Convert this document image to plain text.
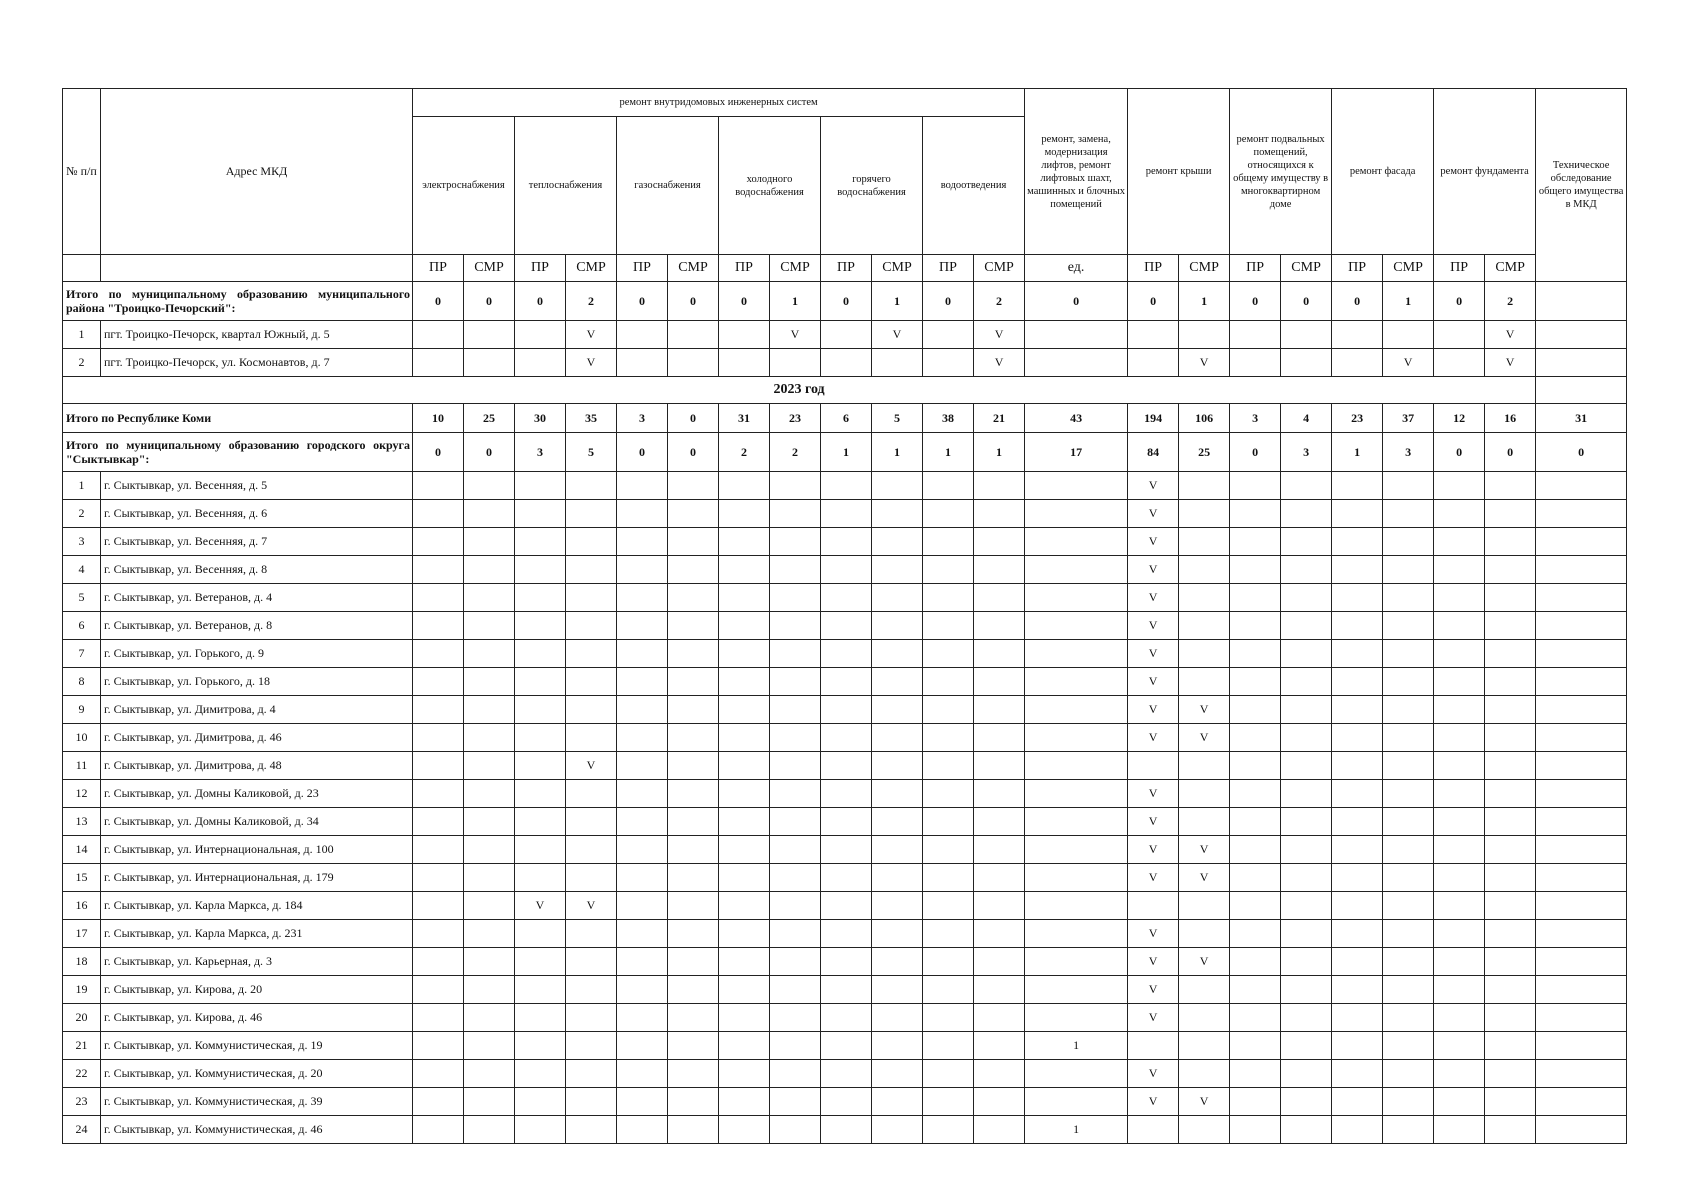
№ п/п	Адрес МКД	ремонт внутридомовых инженерных систем												ремонт, замена, модернизация лифтов, ремонт лифтовых шахт, машинных и блочных помещений	ремонт крыши		ремонт подвальных помещений, относящихся к общему имуществу в многоквартирном доме		ремонт фасада		ремонт фундамента		Техническое обследование общего имущества в МКД
		электроснабжения		теплоснабжения		газоснабжения		холодного водоснабжения		горячего водоснабжения		водоотведения											
		ПР	СМР	ПР	СМР	ПР	СМР	ПР	СМР	ПР	СМР	ПР	СМР	ед.	ПР	СМР	ПР	СМР	ПР	СМР	ПР	СМР	
Итого по муниципальному образованию муниципального района "Троицко-Печорский":		0	0	0	2	0	0	0	1	0	1	0	2	0	0	1	0	0	0	1	0	2	
1	пгт. Троицко-Печорск, квартал Южный, д. 5				V				V		V		V									V	
2	пгт. Троицко-Печорск, ул. Космонавтов, д. 7				V								V			V				V		V	
2023 год																							
Итого по Республике Коми		10	25	30	35	3	0	31	23	6	5	38	21	43	194	106	3	4	23	37	12	16	31
Итого по муниципальному образованию городского округа "Сыктывкар":		0	0	3	5	0	0	2	2	1	1	1	1	17	84	25	0	3	1	3	0	0	0
1	г. Сыктывкар, ул. Весенняя, д. 5														V								
2	г. Сыктывкар, ул. Весенняя, д. 6														V								
3	г. Сыктывкар, ул. Весенняя, д. 7														V								
4	г. Сыктывкар, ул. Весенняя, д. 8														V								
5	г. Сыктывкар, ул. Ветеранов, д. 4														V								
6	г. Сыктывкар, ул. Ветеранов, д. 8														V								
7	г. Сыктывкар, ул. Горького, д. 9														V								
8	г. Сыктывкар, ул. Горького, д. 18														V								
9	г. Сыктывкар, ул. Димитрова, д. 4														V	V							
10	г. Сыктывкар, ул. Димитрова, д. 46														V	V							
11	г. Сыктывкар, ул. Димитрова, д. 48				V																		
12	г. Сыктывкар, ул. Домны Каликовой, д. 23														V								
13	г. Сыктывкар, ул. Домны Каликовой, д. 34														V								
14	г. Сыктывкар, ул. Интернациональная, д. 100														V	V							
15	г. Сыктывкар, ул. Интернациональная, д. 179														V	V							
16	г. Сыктывкар, ул. Карла Маркса, д. 184			V	V																		
17	г. Сыктывкар, ул. Карла Маркса, д. 231														V								
18	г. Сыктывкар, ул. Карьерная, д. 3														V	V							
19	г. Сыктывкар, ул. Кирова, д. 20														V								
20	г. Сыктывкар, ул. Кирова, д. 46														V								
21	г. Сыктывкар, ул. Коммунистическая, д. 19													1									
22	г. Сыктывкар, ул. Коммунистическая, д. 20														V								
23	г. Сыктывкар, ул. Коммунистическая, д. 39														V	V							
24	г. Сыктывкар, ул. Коммунистическая, д. 46													1									
